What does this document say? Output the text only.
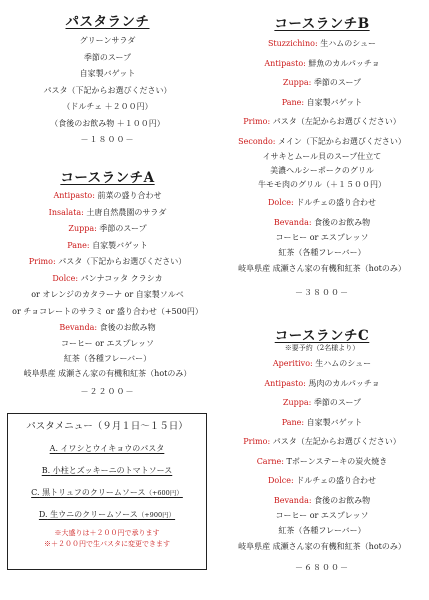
パスタランチ
グリーンサラダ
季節のスープ
自家製バゲット
パスタ（下記からお選びください）
（ドルチェ ＋２００円）
（食後のお飲み物 ＋１００円）
－１８００－
コースランチA
Antipasto: 前菜の盛り合わせ
Insalata: 土唐自然農園のサラダ
Zuppa: 季節のスープ
Pane: 自家製バゲット
Primo: パスタ（下記からお選びください）
Dolce: パンナコッタ クラシカ
or オレンジのカタラーナ or 自家製ソルベ
or チョコレートのサラミ or 盛り合わせ（+500円）
Bevanda: 食後のお飲み物
コーヒー or エスプレッソ
紅茶（各種フレーバー）
岐阜県産 成瀬さん家の有機和紅茶（hotのみ）
－２２００－
パスタメニュー（９月１日～１５日）
A. イワシとウイキョウのパスタ
B. 小柱とズッキーニのトマトソース
C. 黒トリュフのクリームソース（+600円）
D. 生ウニのクリームソース（+900円）
※大盛りは＋２００円で承ります
※＋２００円で生パスタに変更できます
コースランチB
Stuzzichino: 生ハムのシュー
Antipasto: 鮮魚のカルパッチョ
Zuppa: 季節のスープ
Pane: 自家製バゲット
Primo: パスタ（左記からお選びください）
Secondo: メイン（下記からお選びください）
イサキとムール貝のスープ仕立て
美濃ヘルシーポークのグリル
牛モモ肉のグリル（＋１５００円）
Dolce: ドルチェの盛り合わせ
Bevanda: 食後のお飲み物
コーヒー or エスプレッソ
紅茶（各種フレーバー）
岐阜県産 成瀬さん家の有機和紅茶（hotのみ）
－３８００－
コースランチC
※要予約（2名様より）
Aperitivo: 生ハムのシュー
Antipasto: 馬肉のカルパッチョ
Zuppa: 季節のスープ
Pane: 自家製バゲット
Primo: パスタ（左記からお選びください）
Carne: Tボーンステーキの炭火焼き
Dolce: ドルチェの盛り合わせ
Bevanda: 食後のお飲み物
コーヒー or エスプレッソ
紅茶（各種フレーバー）
岐阜県産 成瀬さん家の有機和紅茶（hotのみ）
－６８００－
